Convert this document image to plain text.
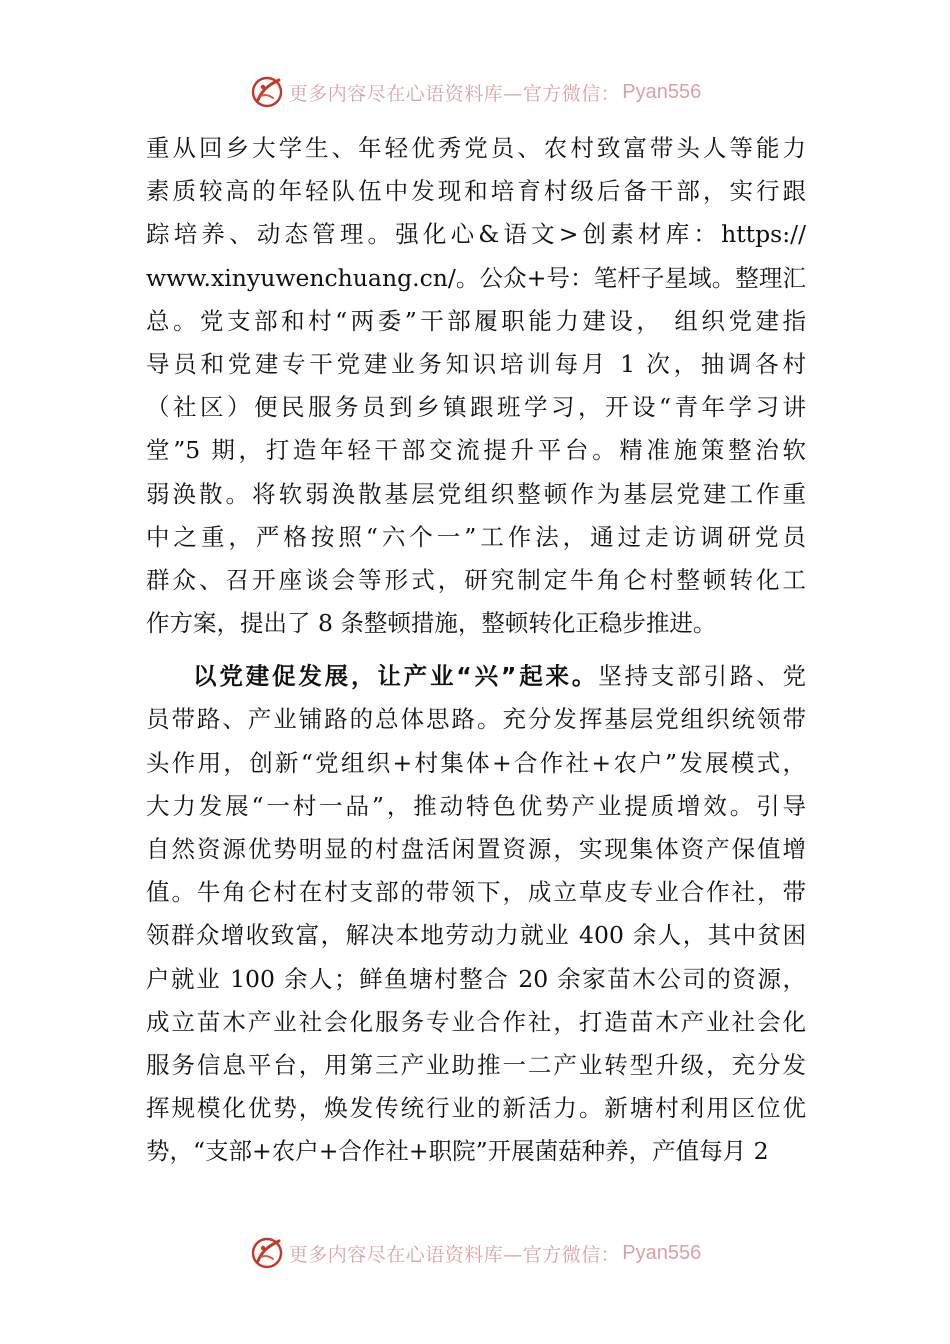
更多内容尽在心语资料库—官方微信： Pyan556
重从回乡大学生、年轻优秀党员、农村致富带头人等能力
素质较高的年轻队伍中发现和培育村级后备干部，实行跟
踪培养、动态管理。强化心&语文>创素材库：https://
www.xinyuwenchuang.cn/。公众+号：笔杆子星域。整理汇
总。党支部和村“两委”干部履职能力建设， 组织党建指
导员和党建专干党建业务知识培训每月 1 次，抽调各村
（社区）便民服务员到乡镇跟班学习，开设“青年学习讲
堂”5 期，打造年轻干部交流提升平台。精准施策整治软
弱涣散。将软弱涣散基层党组织整顿作为基层党建工作重
中之重，严格按照“六个一”工作法，通过走访调研党员
群众、召开座谈会等形式，研究制定牛角仑村整顿转化工
作方案，提出了 8 条整顿措施，整顿转化正稳步推进。
以党建促发展，让产业“兴”起来。坚持支部引路、党
员带路、产业铺路的总体思路。充分发挥基层党组织统领带
头作用，创新“党组织+村集体+合作社+农户”发展模式，
大力发展“一村一品”，推动特色优势产业提质增效。引导
自然资源优势明显的村盘活闲置资源，实现集体资产保值增
值。牛角仑村在村支部的带领下，成立草皮专业合作社，带
领群众增收致富，解决本地劳动力就业 400 余人，其中贫困
户就业 100 余人；鲜鱼塘村整合 20 余家苗木公司的资源，
成立苗木产业社会化服务专业合作社，打造苗木产业社会化
服务信息平台，用第三产业助推一二产业转型升级，充分发
挥规模化优势，焕发传统行业的新活力。新塘村利用区位优
势，“支部+农户+合作社+职院”开展菌菇种养，产值每月 2
更多内容尽在心语资料库—官方微信： Pyan556
